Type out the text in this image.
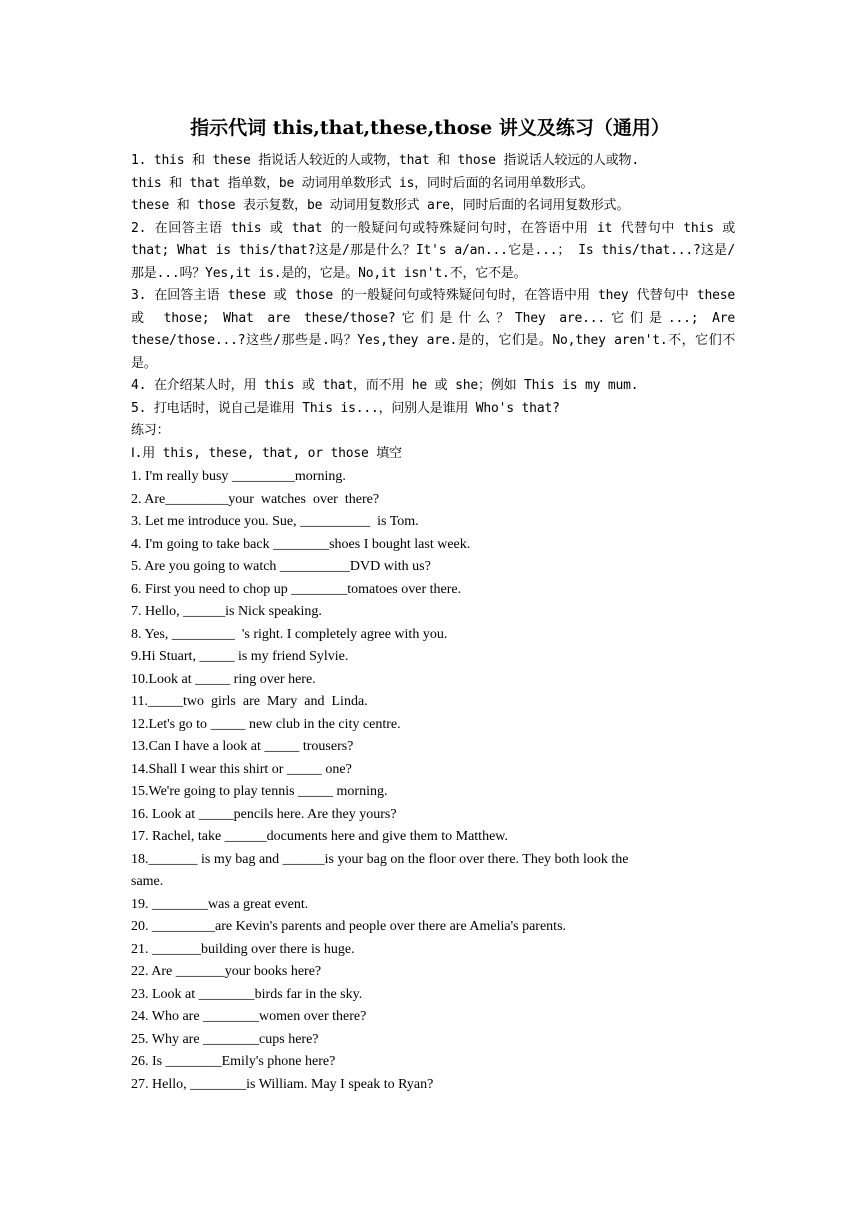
指示代词 this,that,these,those 讲义及练习（通用）

1. this 和 these 指说话人较近的人或物，that 和 those 指说话人较远的人或物.

this 和 that 指单数，be 动词用单数形式 is，同时后面的名词用单数形式。

these 和 those 表示复数，be 动词用复数形式 are，同时后面的名词用复数形式。

2. 在回答主语 this 或 that 的一般疑问句或特殊疑问句时，在答语中用 it 代替句中 this 或 that; What is this/that?这是/那是什么？It's a/an...它是...； Is this/that...?这是/那是...吗？Yes,it is.是的，它是。No,it isn't.不，它不是。

3. 在回答主语 these 或 those 的一般疑问句或特殊疑问句时，在答语中用 they 代替句中 these 或 those; What are these/those?它们是什么？They are...它们是...; Are these/those...?这些/那些是.吗？Yes,they are.是的，它们是。No,they aren't.不，它们不是。

4. 在介绍某人时，用 this 或 that，而不用 he 或 she；例如 This is my mum.

5. 打电话时，说自己是谁用 This is...，问别人是谁用 Who's that?

练习：

Ⅰ.用 this, these, that, or those 填空

1. I'm really busy _________morning.

2. Are_________your  watches  over  there?

3. Let me introduce you. Sue, __________  is Tom.

4. I'm going to take back ________shoes I bought last week.

5. Are you going to watch __________DVD with us?

6. First you need to chop up ________tomatoes over there.

7. Hello, ______is Nick speaking.

8. Yes, _________  's right. I completely agree with you.

9.Hi Stuart, _____ is my friend Sylvie.

10.Look at _____ ring over here.

11._____two  girls  are  Mary  and  Linda.

12.Let's go to _____ new club in the city centre.

13.Can I have a look at _____ trousers?

14.Shall I wear this shirt or _____ one?

15.We're going to play tennis _____ morning.

16. Look at _____pencils here. Are they yours?

17. Rachel, take ______documents here and give them to Matthew.

18._______ is my bag and ______is your bag on the floor over there. They both look the same.

19. ________was a great event.

20. _________are Kevin's parents and people over there are Amelia's parents.

21. _______building over there is huge.

22. Are _______your books here?

23. Look at ________birds far in the sky.

24. Who are ________women over there?

25. Why are ________cups here?

26. Is ________Emily's phone here?

27. Hello, ________is William. May I speak to Ryan?
